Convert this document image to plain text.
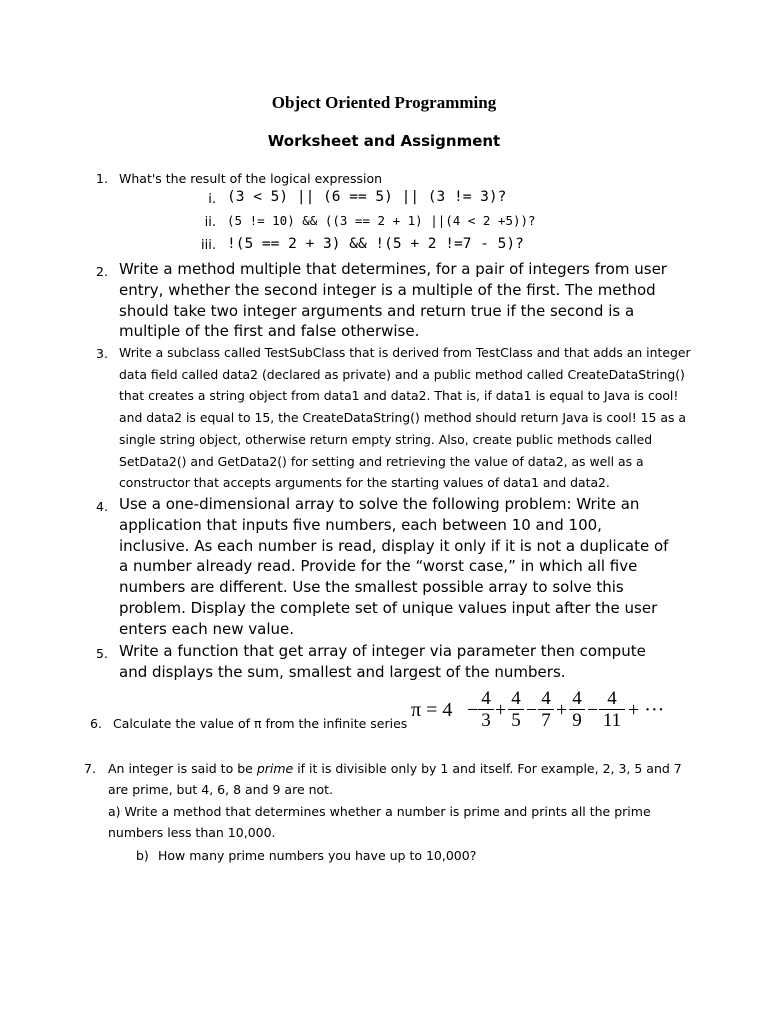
Object Oriented Programming
Worksheet and Assignment
1. What's the result of the logical expression
i. (3 < 5) || (6 == 5) || (3 != 3)?
ii. (5 != 10) && ((3 == 2 + 1) ||(4 < 2 +5))?
iii. !(5 == 2 + 3) && !(5 + 2 !=7 - 5)?
2. Write a method multiple that determines, for a pair of integers from user
entry, whether the second integer is a multiple of the first. The method
should take two integer arguments and return true if the second is a
multiple of the first and false otherwise.
3. Write a subclass called TestSubClass that is derived from TestClass and that adds an integer
data field called data2 (declared as private) and a public method called CreateDataString()
that creates a string object from data1 and data2. That is, if data1 is equal to Java is cool!
and data2 is equal to 15, the CreateDataString() method should return Java is cool! 15 as a
single string object, otherwise return empty string. Also, create public methods called
SetData2() and GetData2() for setting and retrieving the value of data2, as well as a
constructor that accepts arguments for the starting values of data1 and data2.
4. Use a one-dimensional array to solve the following problem: Write an
application that inputs five numbers, each between 10 and 100,
inclusive. As each number is read, display it only if it is not a duplicate of
a number already read. Provide for the “worst case,” in which all five
numbers are different. Use the smallest possible array to solve this
problem. Display the complete set of unique values input after the user
enters each new value.
5. Write a function that get array of integer via parameter then compute
and displays the sum, smallest and largest of the numbers.
6. Calculate the value of π from the infinite series
π = 4 −
4
3 +
4
5 −
4
7 +
4
9 −
4
11 + ···
7. An integer is said to be prime if it is divisible only by 1 and itself. For example, 2, 3, 5 and 7
are prime, but 4, 6, 8 and 9 are not.
a) Write a method that determines whether a number is prime and prints all the prime
numbers less than 10,000.
b) How many prime numbers you have up to 10,000?
